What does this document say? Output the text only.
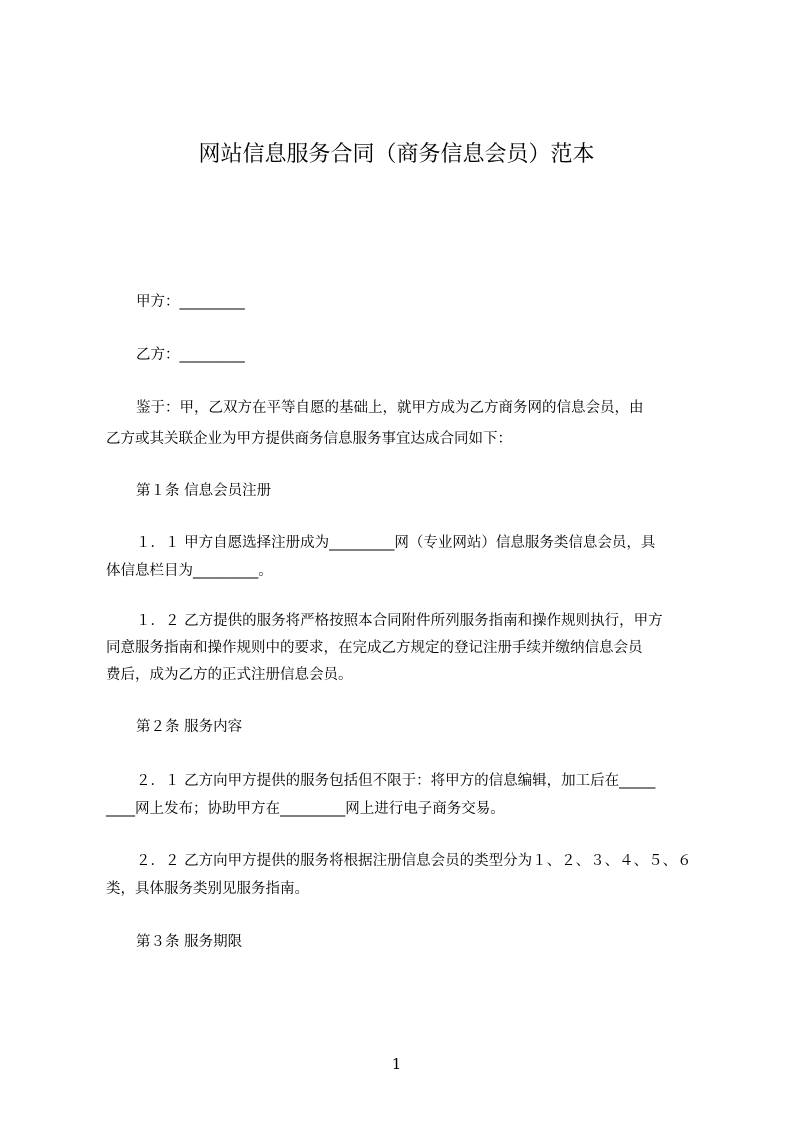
网站信息服务合同（商务信息会员）范本
甲方：_________
乙方：_________
鉴于：甲，乙双方在平等自愿的基础上，就甲方成为乙方商务网的信息会员，由
乙方或其关联企业为甲方提供商务信息服务事宜达成合同如下：
第１条 信息会员注册
１．１ 甲方自愿选择注册成为_________网（专业网站）信息服务类信息会员，具
体信息栏目为_________。
１．２ 乙方提供的服务将严格按照本合同附件所列服务指南和操作规则执行，甲方
同意服务指南和操作规则中的要求，在完成乙方规定的登记注册手续并缴纳信息会员
费后，成为乙方的正式注册信息会员。
第２条 服务内容
２．１ 乙方向甲方提供的服务包括但不限于：将甲方的信息编辑，加工后在_____
____网上发布；协助甲方在_________网上进行电子商务交易。
２．２ 乙方向甲方提供的服务将根据注册信息会员的类型分为１、２、３、４、５、６
类，具体服务类别见服务指南。
第３条 服务期限
1
